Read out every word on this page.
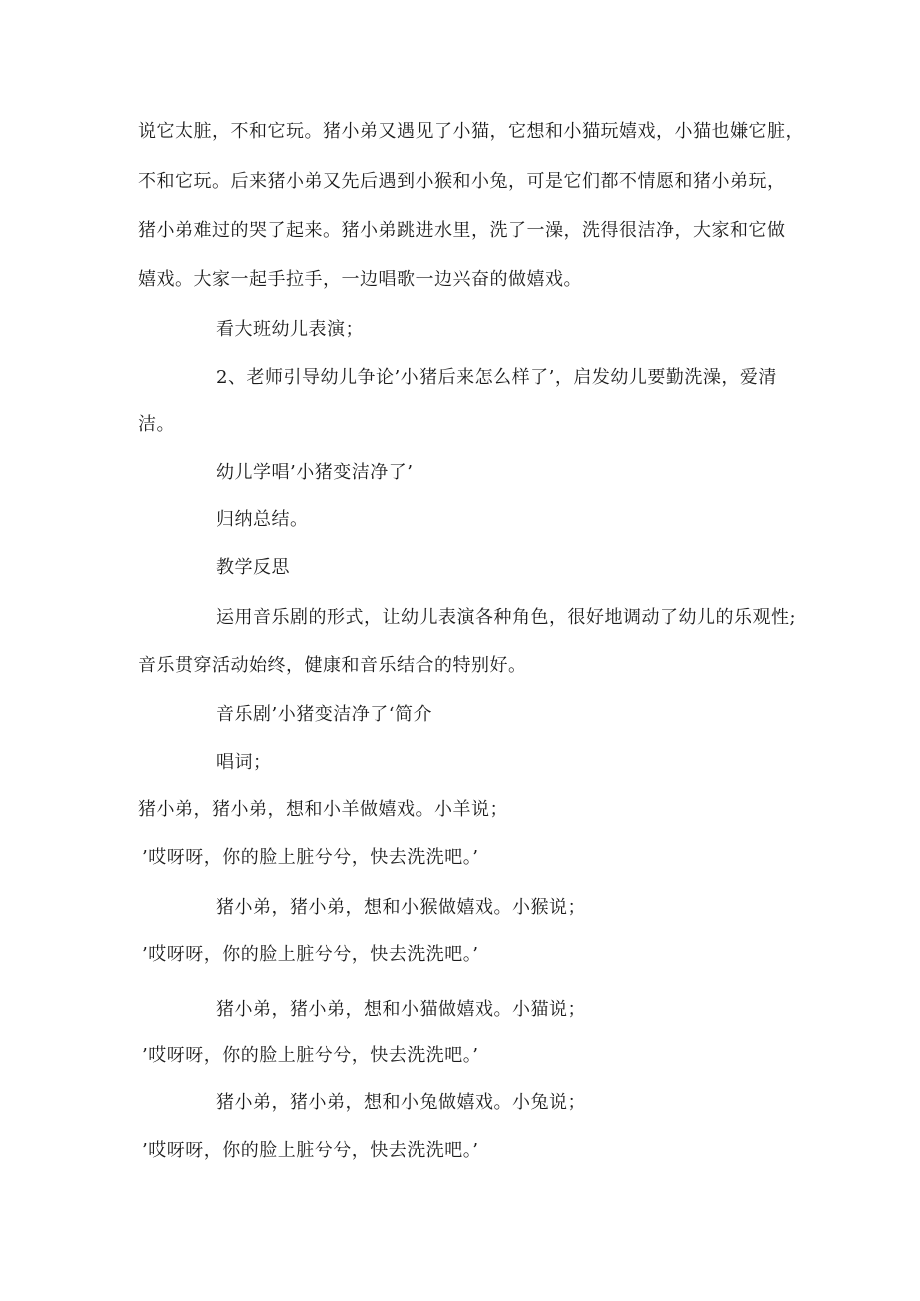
说它太脏，不和它玩。猪小弟又遇见了小猫，它想和小猫玩嬉戏，小猫也嫌它脏，
不和它玩。后来猪小弟又先后遇到小猴和小兔，可是它们都不情愿和猪小弟玩，
猪小弟难过的哭了起来。猪小弟跳进水里，洗了一澡，洗得很洁净，大家和它做
嬉戏。大家一起手拉手，一边唱歌一边兴奋的做嬉戏。
看大班幼儿表演；
2、老师引导幼儿争论’小猪后来怎么样了’，启发幼儿要勤洗澡，爱清
洁。
幼儿学唱’小猪变洁净了’
归纳总结。
教学反思
运用音乐剧的形式，让幼儿表演各种角色，很好地调动了幼儿的乐观性;
音乐贯穿活动始终，健康和音乐结合的特别好。
音乐剧’小猪变洁净了‘简介
唱词；
猪小弟，猪小弟，想和小羊做嬉戏。小羊说；
’哎呀呀，你的脸上脏兮兮，快去洗洗吧。’
猪小弟，猪小弟，想和小猴做嬉戏。小猴说；
’哎呀呀，你的脸上脏兮兮，快去洗洗吧。’
猪小弟，猪小弟，想和小猫做嬉戏。小猫说；
’哎呀呀，你的脸上脏兮兮，快去洗洗吧。’
猪小弟，猪小弟，想和小兔做嬉戏。小兔说；
’哎呀呀，你的脸上脏兮兮，快去洗洗吧。’
